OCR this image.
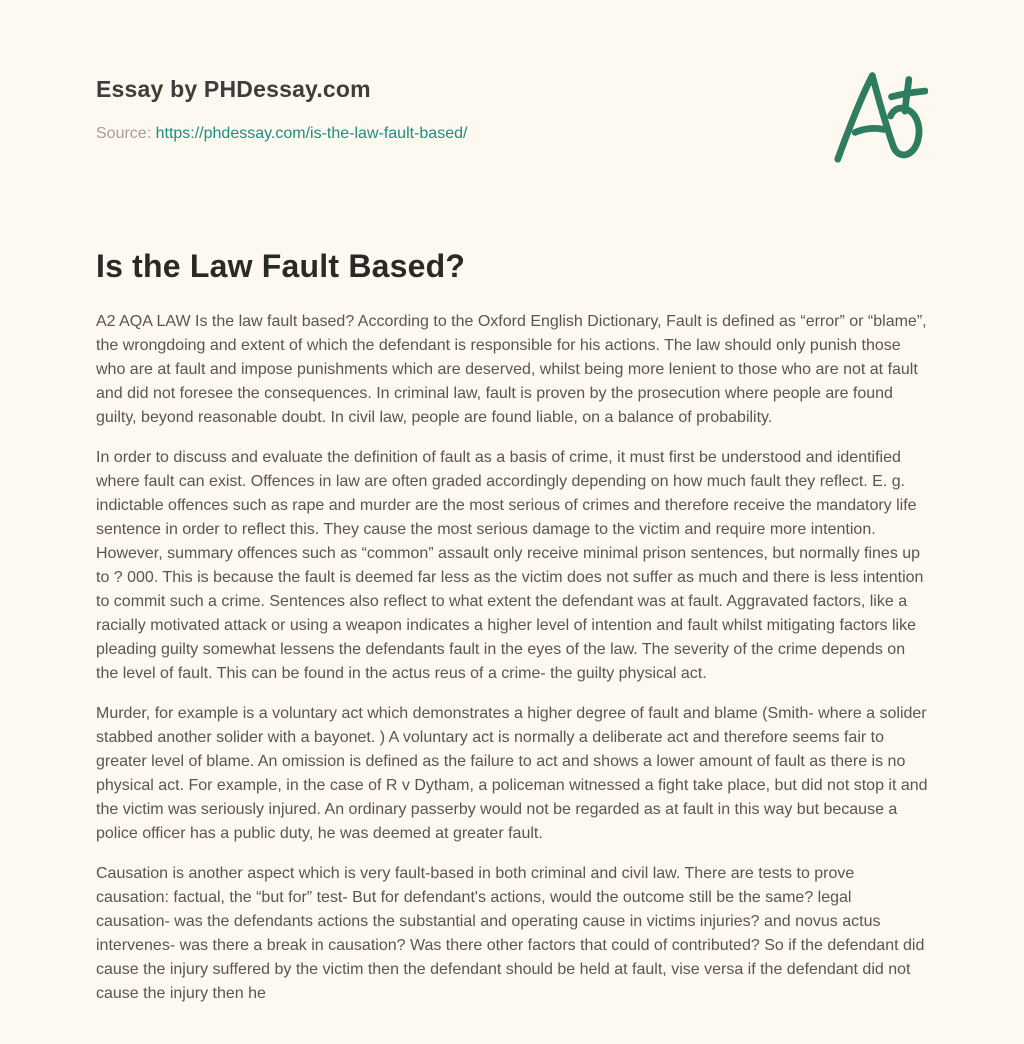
Essay by PHDessay.com
Source: https://phdessay.com/is-the-law-fault-based/
Is the Law Fault Based?

A2 AQA LAW Is the law fault based? According to the Oxford English Dictionary, Fault is defined as “error” or “blame”, the wrongdoing and extent of which the defendant is responsible for his actions. The law should only punish those who are at fault and impose punishments which are deserved, whilst being more lenient to those who are not at fault and did not foresee the consequences. In criminal law, fault is proven by the prosecution where people are found guilty, beyond reasonable doubt. In civil law, people are found liable, on a balance of probability.

In order to discuss and evaluate the definition of fault as a basis of crime, it must first be understood and identified where fault can exist. Offences in law are often graded accordingly depending on how much fault they reflect. E. g. indictable offences such as rape and murder are the most serious of crimes and therefore receive the mandatory life sentence in order to reflect this. They cause the most serious damage to the victim and require more intention. However, summary offences such as “common” assault only receive minimal prison sentences, but normally fines up to ? 000. This is because the fault is deemed far less as the victim does not suffer as much and there is less intention to commit such a crime. Sentences also reflect to what extent the defendant was at fault. Aggravated factors, like a racially motivated attack or using a weapon indicates a higher level of intention and fault whilst mitigating factors like pleading guilty somewhat lessens the defendants fault in the eyes of the law. The severity of the crime depends on the level of fault. This can be found in the actus reus of a crime- the guilty physical act.

Murder, for example is a voluntary act which demonstrates a higher degree of fault and blame (Smith- where a solider stabbed another solider with a bayonet. ) A voluntary act is normally a deliberate act and therefore seems fair to greater level of blame. An omission is defined as the failure to act and shows a lower amount of fault as there is no physical act. For example, in the case of R v Dytham, a policeman witnessed a fight take place, but did not stop it and the victim was seriously injured. An ordinary passerby would not be regarded as at fault in this way but because a police officer has a public duty, he was deemed at greater fault.

Causation is another aspect which is very fault-based in both criminal and civil law. There are tests to prove causation: factual, the “but for” test- But for defendant's actions, would the outcome still be the same? legal causation- was the defendants actions the substantial and operating cause in victims injuries? and novus actus intervenes- was there a break in causation? Was there other factors that could of contributed? So if the defendant did cause the injury suffered by the victim then the defendant should be held at fault, vise versa if the defendant did not cause the injury then he
